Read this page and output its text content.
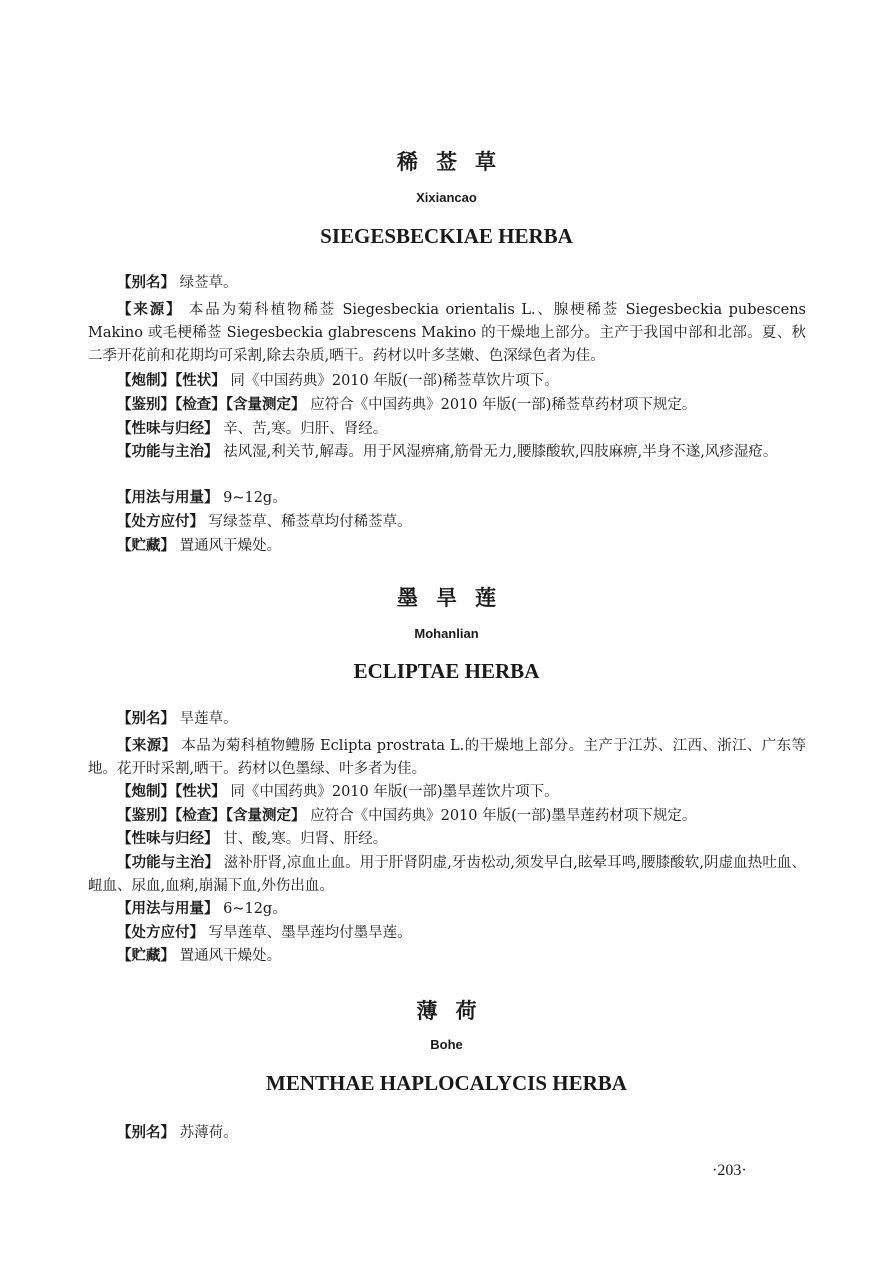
稀莶草
Xixiancao
SIEGESBECKIAE HERBA

【别名】 绿莶草。

【来源】 本品为菊科植物稀莶 Siegesbeckia orientalis L.、腺梗稀莶 Siegesbeckia pubescens Makino 或毛梗稀莶 Siegesbeckia glabrescens Makino 的干燥地上部分。主产于我国中部和北部。夏、秋二季开花前和花期均可采割,除去杂质,晒干。药材以叶多茎嫩、色深绿色者为佳。

【炮制】【性状】 同《中国药典》2010 年版(一部)稀莶草饮片项下。

【鉴别】【检查】【含量测定】 应符合《中国药典》2010 年版(一部)稀莶草药材项下规定。

【性味与归经】 辛、苦,寒。归肝、肾经。

【功能与主治】 祛风湿,利关节,解毒。用于风湿痹痛,筋骨无力,腰膝酸软,四肢麻痹,半身不遂,风疹湿疮。

【用法与用量】 9~12g。

【处方应付】 写绿莶草、稀莶草均付稀莶草。

【贮藏】 置通风干燥处。

墨旱莲
Mohanlian
ECLIPTAE HERBA

【别名】 旱莲草。

【来源】 本品为菊科植物鳢肠 Eclipta prostrata L.的干燥地上部分。主产于江苏、江西、浙江、广东等地。花开时采割,晒干。药材以色墨绿、叶多者为佳。

【炮制】【性状】 同《中国药典》2010 年版(一部)墨旱莲饮片项下。

【鉴别】【检查】【含量测定】 应符合《中国药典》2010 年版(一部)墨旱莲药材项下规定。

【性味与归经】 甘、酸,寒。归肾、肝经。

【功能与主治】 滋补肝肾,凉血止血。用于肝肾阴虚,牙齿松动,须发早白,眩晕耳鸣,腰膝酸软,阴虚血热吐血、衄血、尿血,血痢,崩漏下血,外伤出血。

【用法与用量】 6~12g。

【处方应付】 写旱莲草、墨旱莲均付墨旱莲。

【贮藏】 置通风干燥处。

薄荷
Bohe
MENTHAE HAPLOCALYCIS HERBA

【别名】 苏薄荷。

·203·
